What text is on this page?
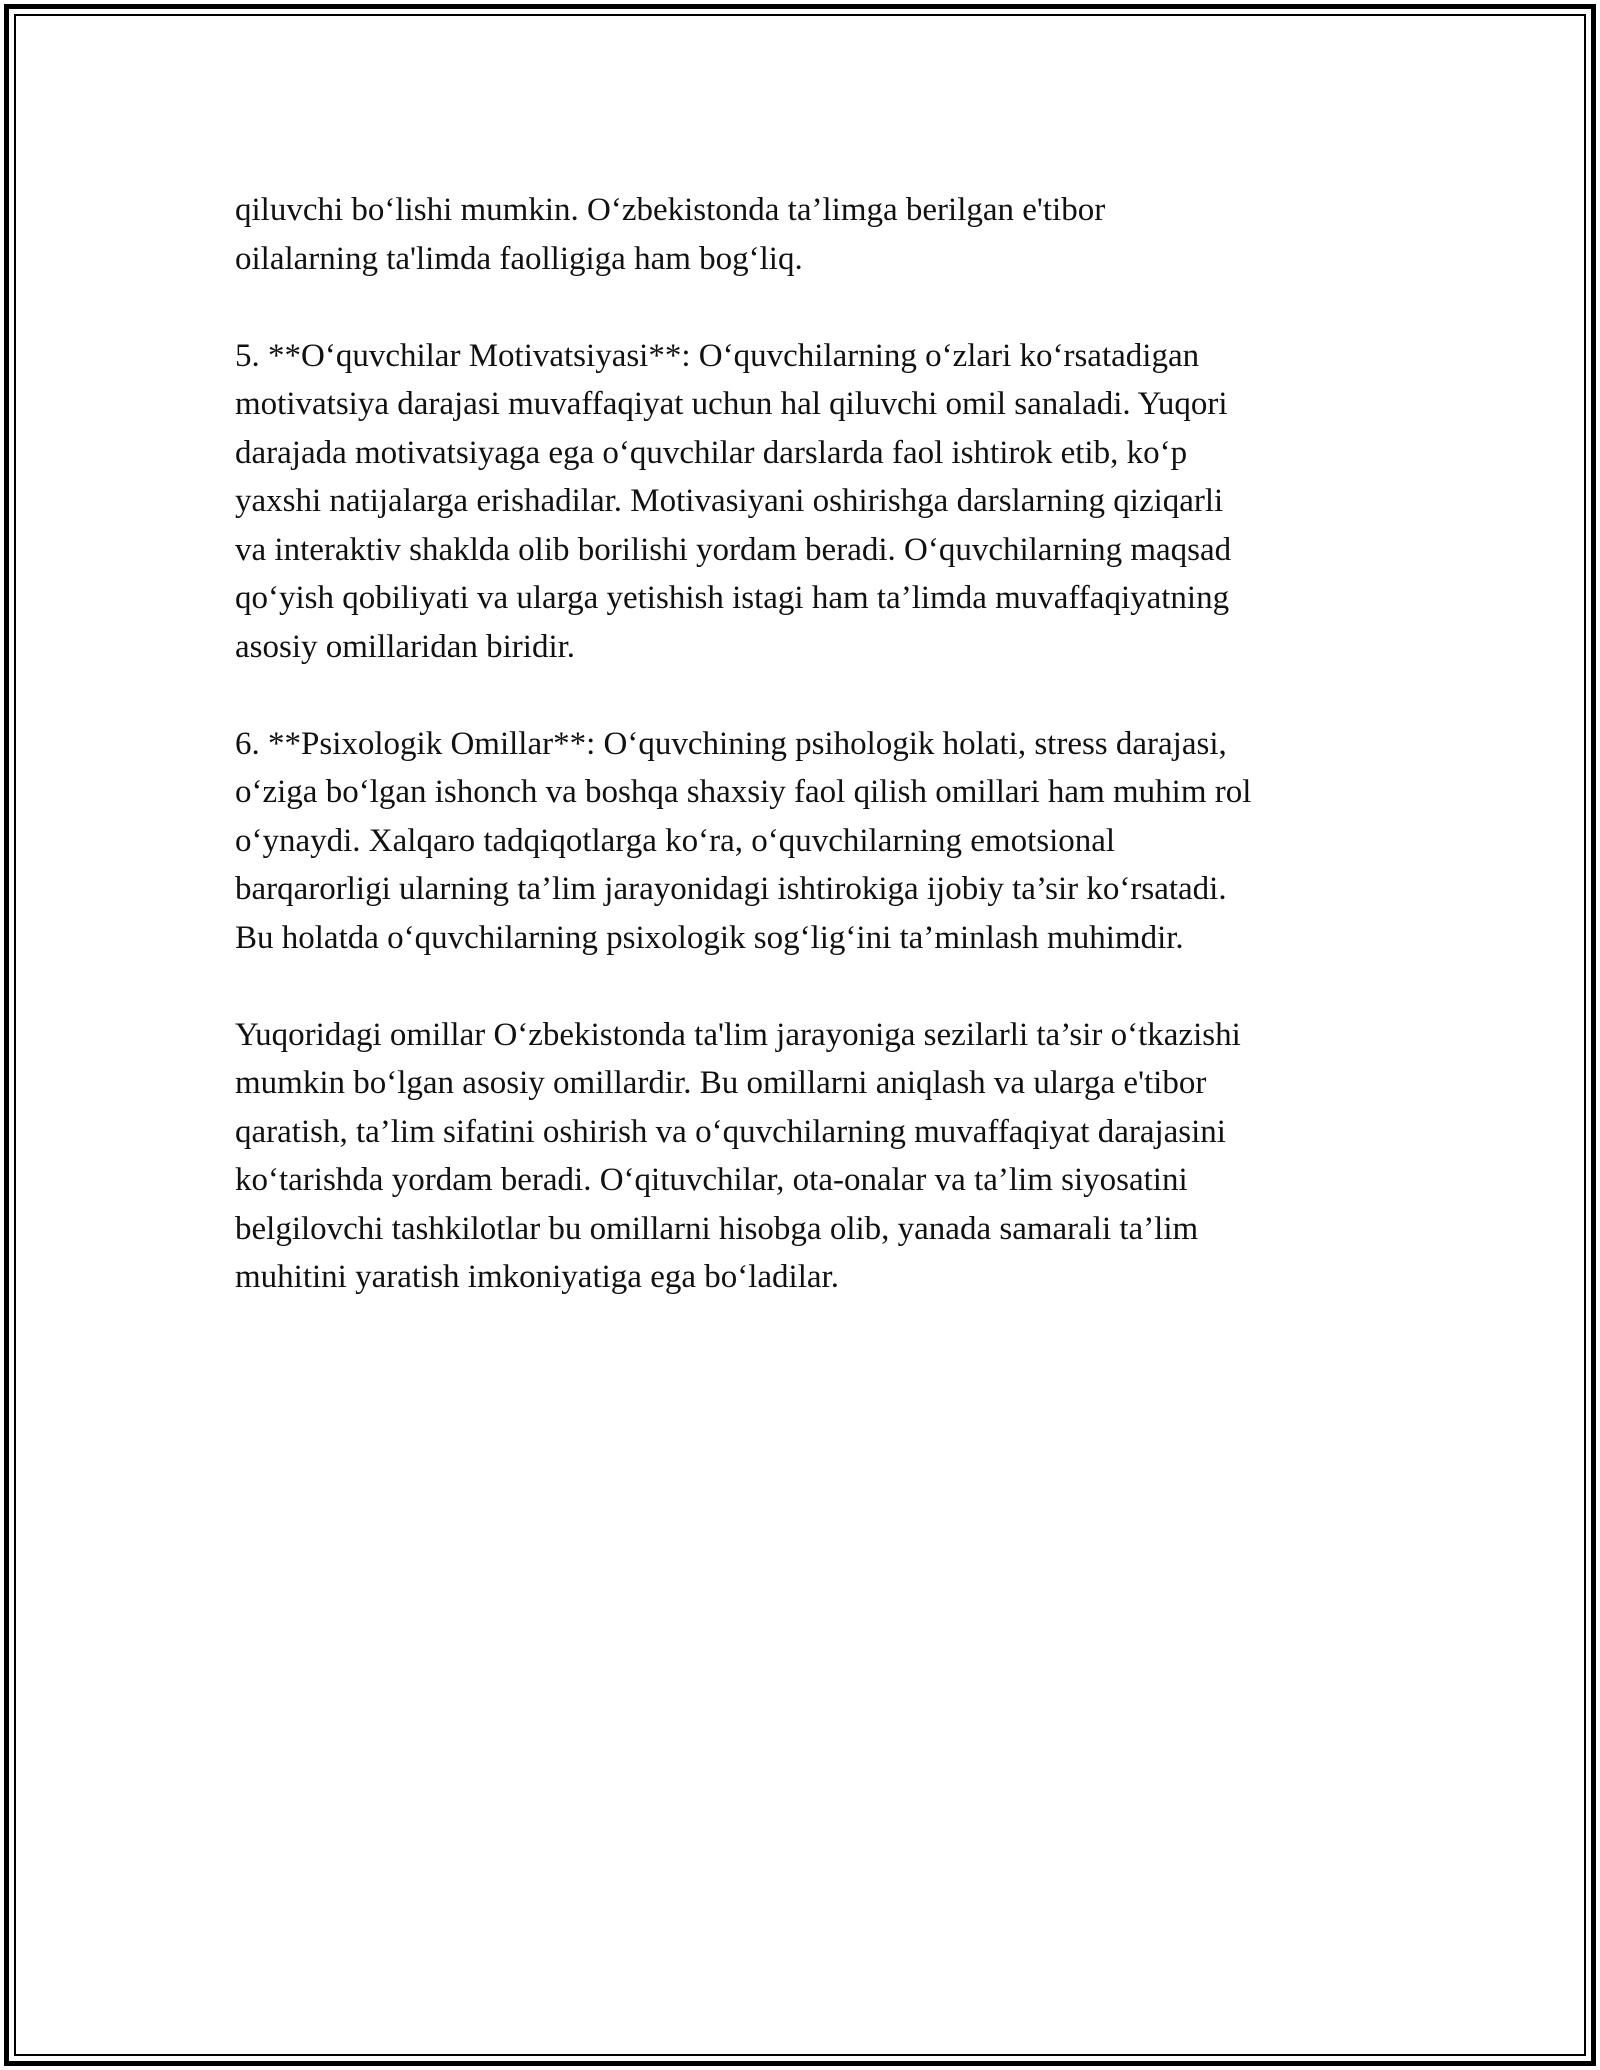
qiluvchi bo‘lishi mumkin. O‘zbekistonda ta’limga berilgan e'tibor
oilalarning ta'limda faolligiga ham bog‘liq.

5. **O‘quvchilar Motivatsiyasi**: O‘quvchilarning o‘zlari ko‘rsatadigan
motivatsiya darajasi muvaffaqiyat uchun hal qiluvchi omil sanaladi. Yuqori
darajada motivatsiyaga ega o‘quvchilar darslarda faol ishtirok etib, ko‘p
yaxshi natijalarga erishadilar. Motivasiyani oshirishga darslarning qiziqarli
va interaktiv shaklda olib borilishi yordam beradi. O‘quvchilarning maqsad
qo‘yish qobiliyati va ularga yetishish istagi ham ta’limda muvaffaqiyatning
asosiy omillaridan biridir.

6. **Psixologik Omillar**: O‘quvchining psihologik holati, stress darajasi,
o‘ziga bo‘lgan ishonch va boshqa shaxsiy faol qilish omillari ham muhim rol
o‘ynaydi. Xalqaro tadqiqotlarga ko‘ra, o‘quvchilarning emotsional
barqarorligi ularning ta’lim jarayonidagi ishtirokiga ijobiy ta’sir ko‘rsatadi.
Bu holatda o‘quvchilarning psixologik sog‘lig‘ini ta’minlash muhimdir.

Yuqoridagi omillar O‘zbekistonda ta'lim jarayoniga sezilarli ta’sir o‘tkazishi
mumkin bo‘lgan asosiy omillardir. Bu omillarni aniqlash va ularga e'tibor
qaratish, ta’lim sifatini oshirish va o‘quvchilarning muvaffaqiyat darajasini
ko‘tarishda yordam beradi. O‘qituvchilar, ota-onalar va ta’lim siyosatini
belgilovchi tashkilotlar bu omillarni hisobga olib, yanada samarali ta’lim
muhitini yaratish imkoniyatiga ega bo‘ladilar.
